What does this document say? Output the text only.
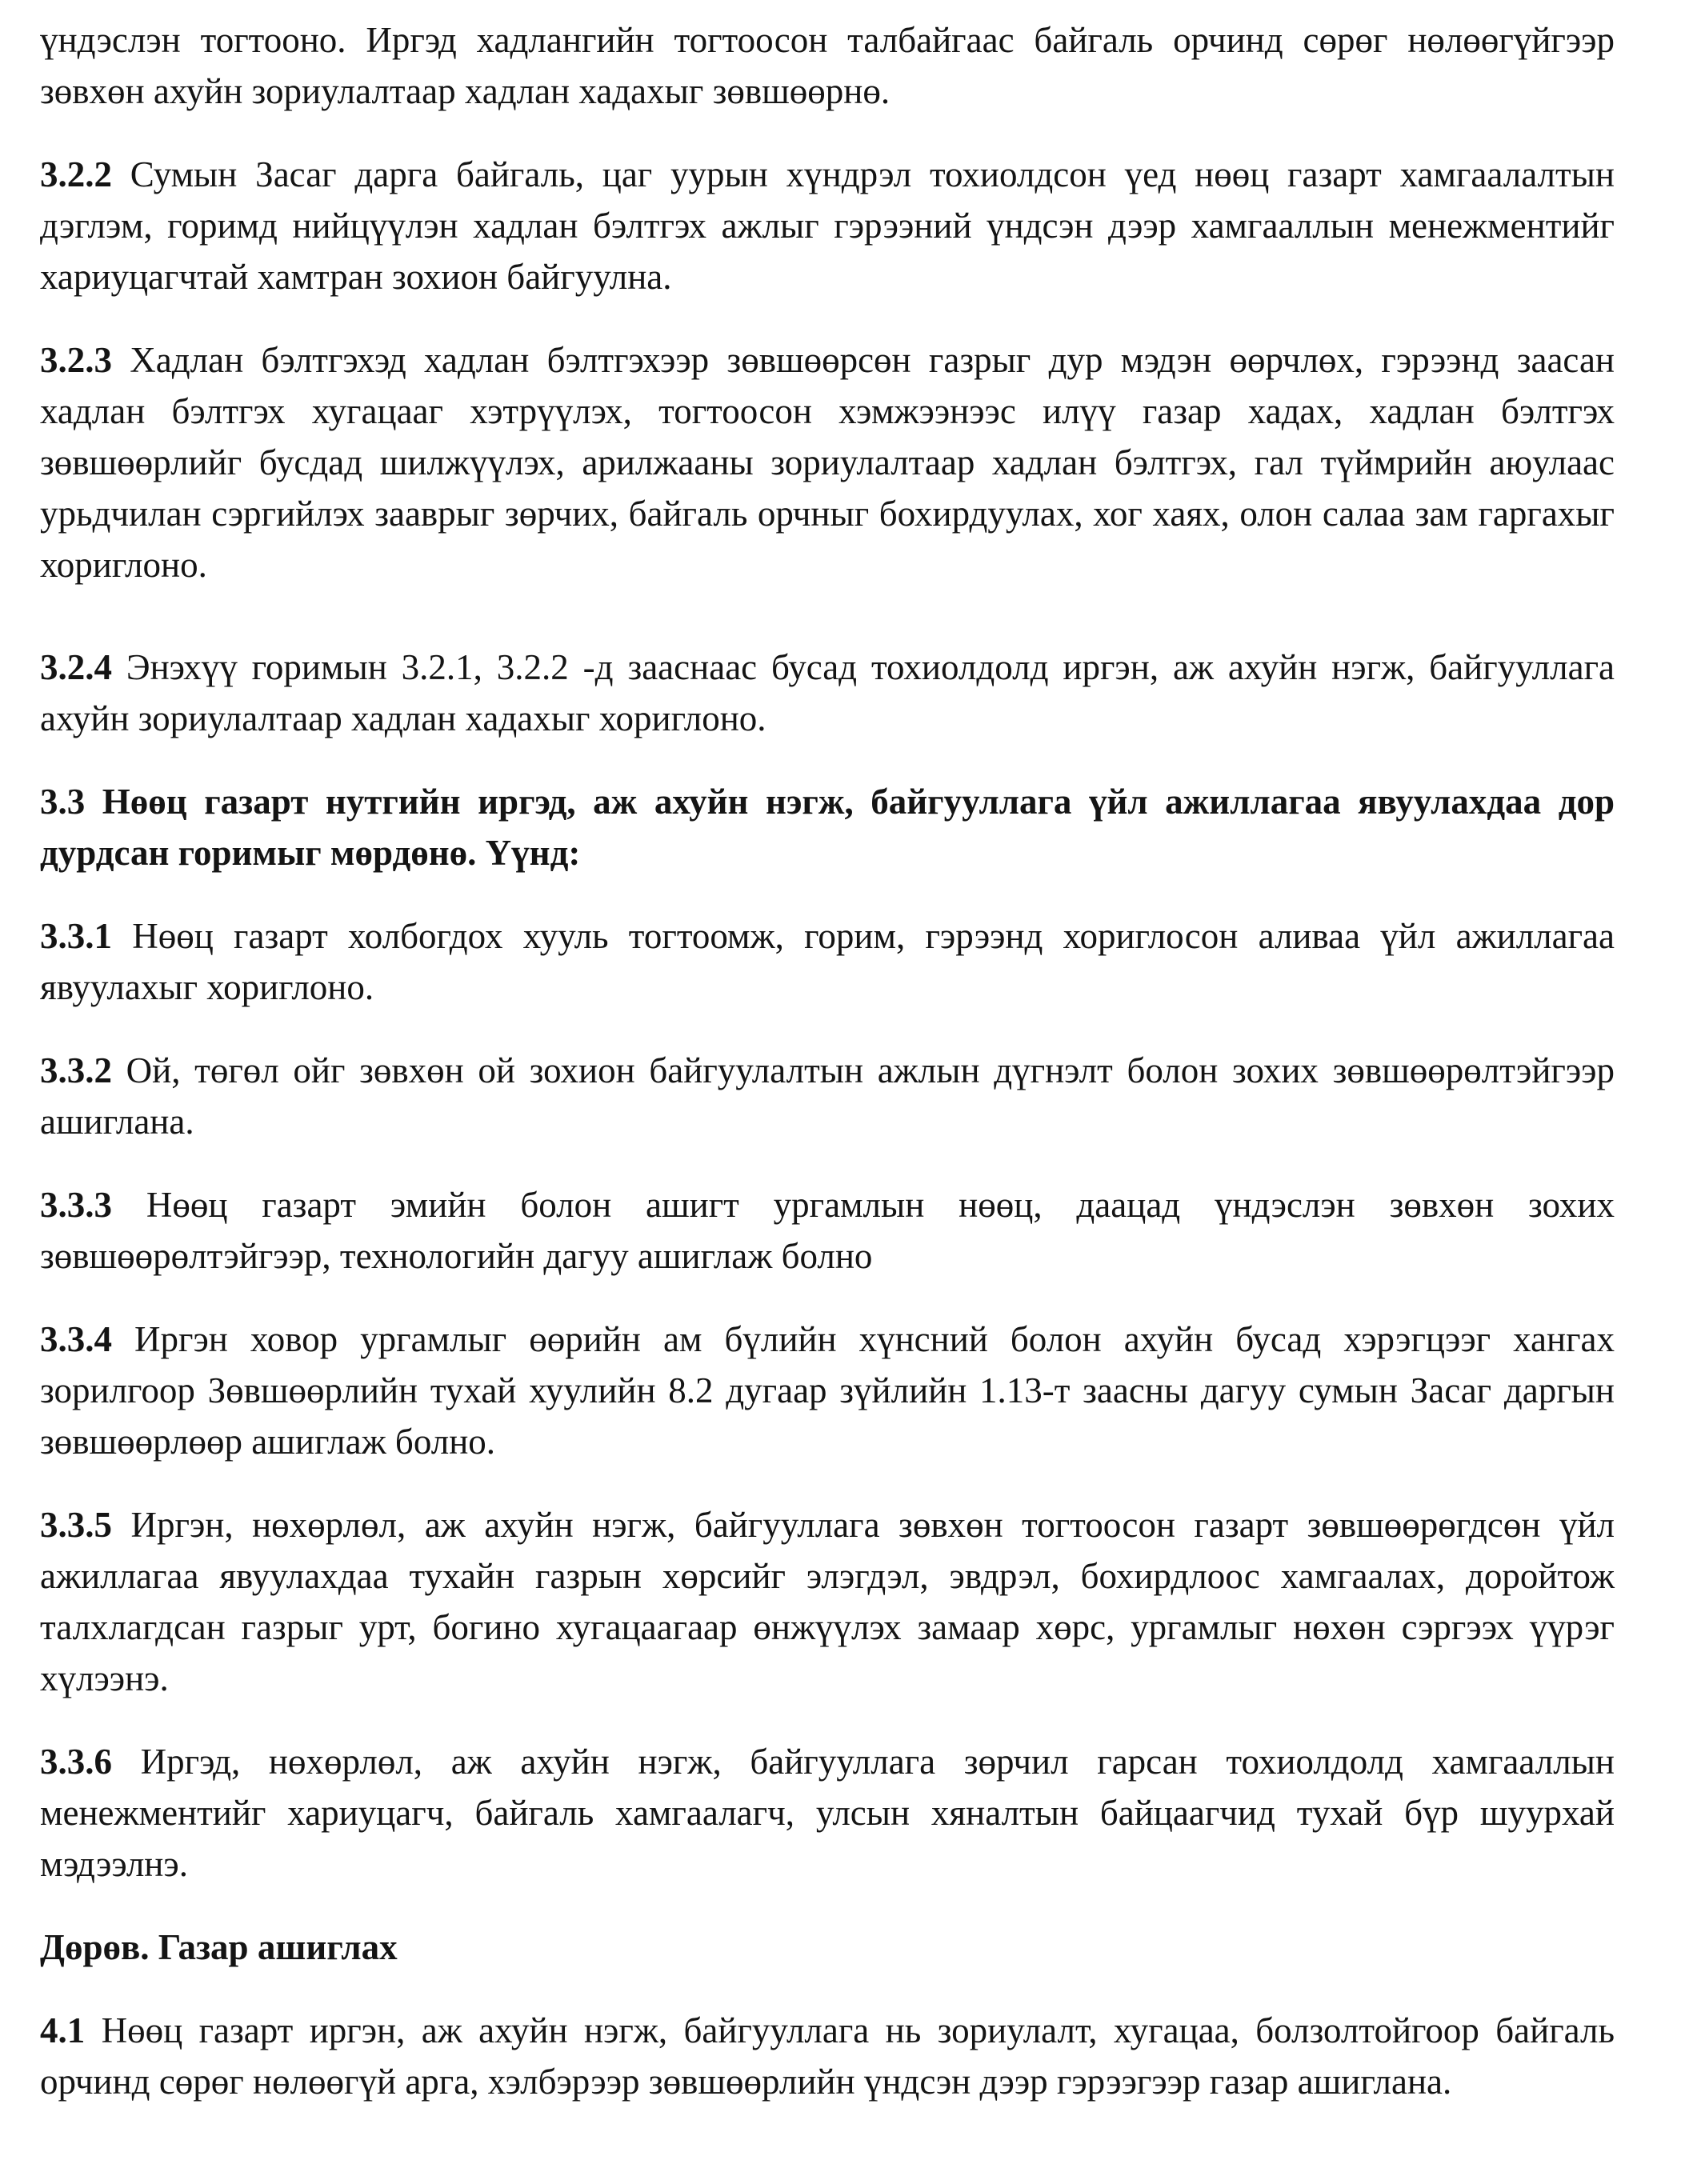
үндэслэн тогтооно. Иргэд хадлангийн тогтоосон талбайгаас байгаль орчинд сөрөг нөлөөгүйгээр зөвхөн ахуйн зориулалтаар хадлан хадахыг зөвшөөрнө.

3.2.2 Сумын Засаг дарга байгаль, цаг уурын хүндрэл тохиолдсон үед нөөц газарт хамгаалалтын дэглэм, горимд нийцүүлэн хадлан бэлтгэх ажлыг гэрээний үндсэн дээр хамгааллын менежментийг хариуцагчтай хамтран зохион байгуулна.

3.2.3 Хадлан бэлтгэхэд хадлан бэлтгэхээр зөвшөөрсөн газрыг дур мэдэн өөрчлөх, гэрээнд заасан хадлан бэлтгэх хугацааг хэтрүүлэх, тогтоосон хэмжээнээс илүү газар хадах, хадлан бэлтгэх зөвшөөрлийг бусдад шилжүүлэх, арилжааны зориулалтаар хадлан бэлтгэх, гал түймрийн аюулаас урьдчилан сэргийлэх зааврыг зөрчих, байгаль орчныг бохирдуулах, хог хаях, олон салаа зам гаргахыг хориглоно.

3.2.4 Энэхүү горимын 3.2.1, 3.2.2 -д зааснаас бусад тохиолдолд иргэн, аж ахуйн нэгж, байгууллага ахуйн зориулалтаар хадлан хадахыг хориглоно.

3.3 Нөөц газарт нутгийн иргэд, аж ахуйн нэгж, байгууллага үйл ажиллагаа явуулахдаа дор дурдсан горимыг мөрдөнө. Үүнд:

3.3.1 Нөөц газарт холбогдох хууль тогтоомж, горим, гэрээнд хориглосон аливаа үйл ажиллагаа явуулахыг хориглоно.

3.3.2 Ой, төгөл ойг зөвхөн ой зохион байгуулалтын ажлын дүгнэлт болон зохих зөвшөөрөлтэйгээр ашиглана.

3.3.3 Нөөц газарт эмийн болон ашигт ургамлын нөөц, даацад үндэслэн зөвхөн зохих зөвшөөрөлтэйгээр, технологийн дагуу ашиглаж болно

3.3.4 Иргэн ховор ургамлыг өөрийн ам бүлийн хүнсний болон ахуйн бусад хэрэгцээг хангах зорилгоор Зөвшөөрлийн тухай хуулийн 8.2 дугаар зүйлийн 1.13-т заасны дагуу сумын Засаг даргын зөвшөөрлөөр ашиглаж болно.

3.3.5 Иргэн, нөхөрлөл, аж ахуйн нэгж, байгууллага зөвхөн тогтоосон газарт зөвшөөрөгдсөн үйл ажиллагаа явуулахдаа тухайн газрын хөрсийг элэгдэл, эвдрэл, бохирдлоос хамгаалах, доройтож талхлагдсан газрыг урт, богино хугацаагаар өнжүүлэх замаар хөрс, ургамлыг нөхөн сэргээх үүрэг хүлээнэ.

3.3.6 Иргэд, нөхөрлөл, аж ахуйн нэгж, байгууллага зөрчил гарсан тохиолдолд хамгааллын менежментийг хариуцагч, байгаль хамгаалагч, улсын хяналтын байцаагчид тухай бүр шуурхай мэдээлнэ.

Дөрөв. Газар ашиглах

4.1 Нөөц газарт иргэн, аж ахуйн нэгж, байгууллага нь зориулалт, хугацаа, болзолтойгоор байгаль орчинд сөрөг нөлөөгүй арга, хэлбэрээр зөвшөөрлийн үндсэн дээр гэрээгээр газар ашиглана.
